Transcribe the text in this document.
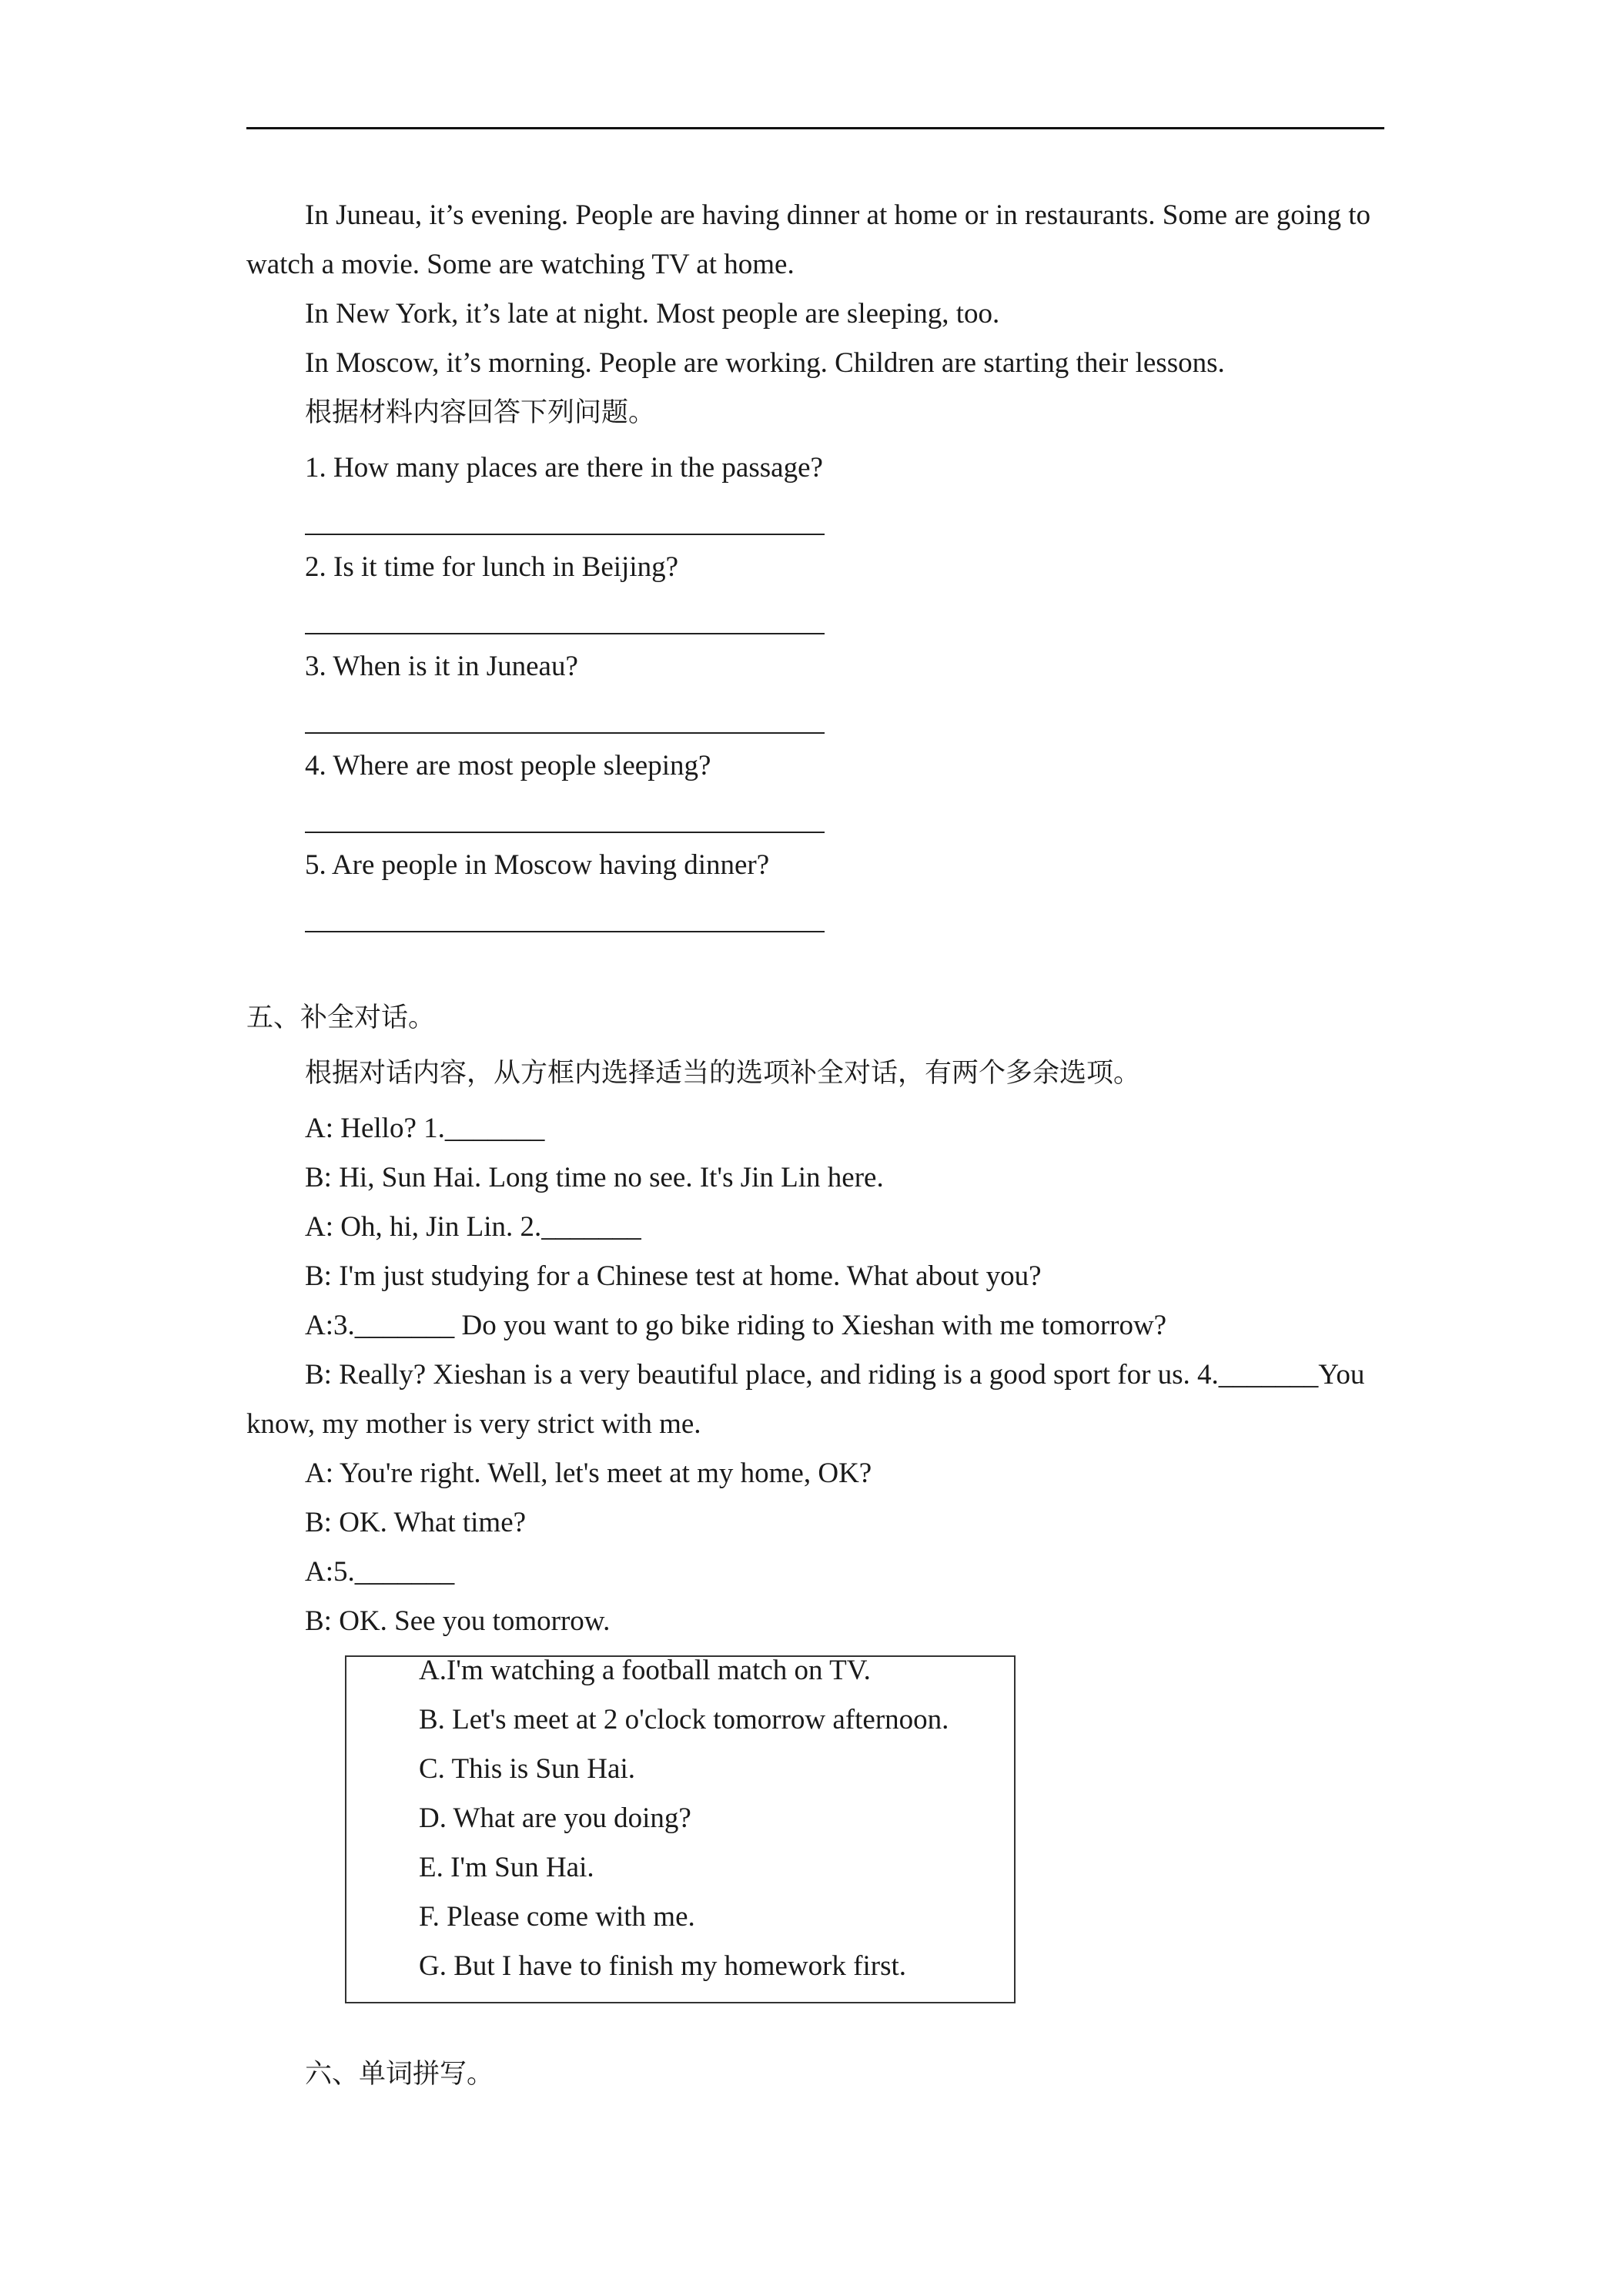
In Juneau, it’s evening. People are having dinner at home or in restaurants. Some are going to
watch a movie. Some are watching TV at home.
In New York, it’s late at night. Most people are sleeping, too.
In Moscow, it’s morning. People are working. Children are starting their lessons.
根据材料内容回答下列问题。
1. How many places are there in the passage?
2. Is it time for lunch in Beijing?
3. When is it in Juneau?
4. Where are most people sleeping?
5. Are people in Moscow having dinner?
五、补全对话。
根据对话内容，从方框内选择适当的选项补全对话，有两个多余选项。
A: Hello? 1._______
B: Hi, Sun Hai. Long time no see. It's Jin Lin here.
A: Oh, hi, Jin Lin. 2._______
B: I'm just studying for a Chinese test at home. What about you?
A:3._______ Do you want to go bike riding to Xieshan with me tomorrow?
B: Really? Xieshan is a very beautiful place, and riding is a good sport for us. 4._______You
know, my mother is very strict with me.
A: You're right. Well, let's meet at my home, OK?
B: OK. What time?
A:5._______
B: OK. See you tomorrow.
A.I'm watching a football match on TV.
B. Let's meet at 2 o'clock tomorrow afternoon.
C. This is Sun Hai.
D. What are you doing?
E. I'm Sun Hai.
F. Please come with me.
G. But I have to finish my homework first.
六、单词拼写。
